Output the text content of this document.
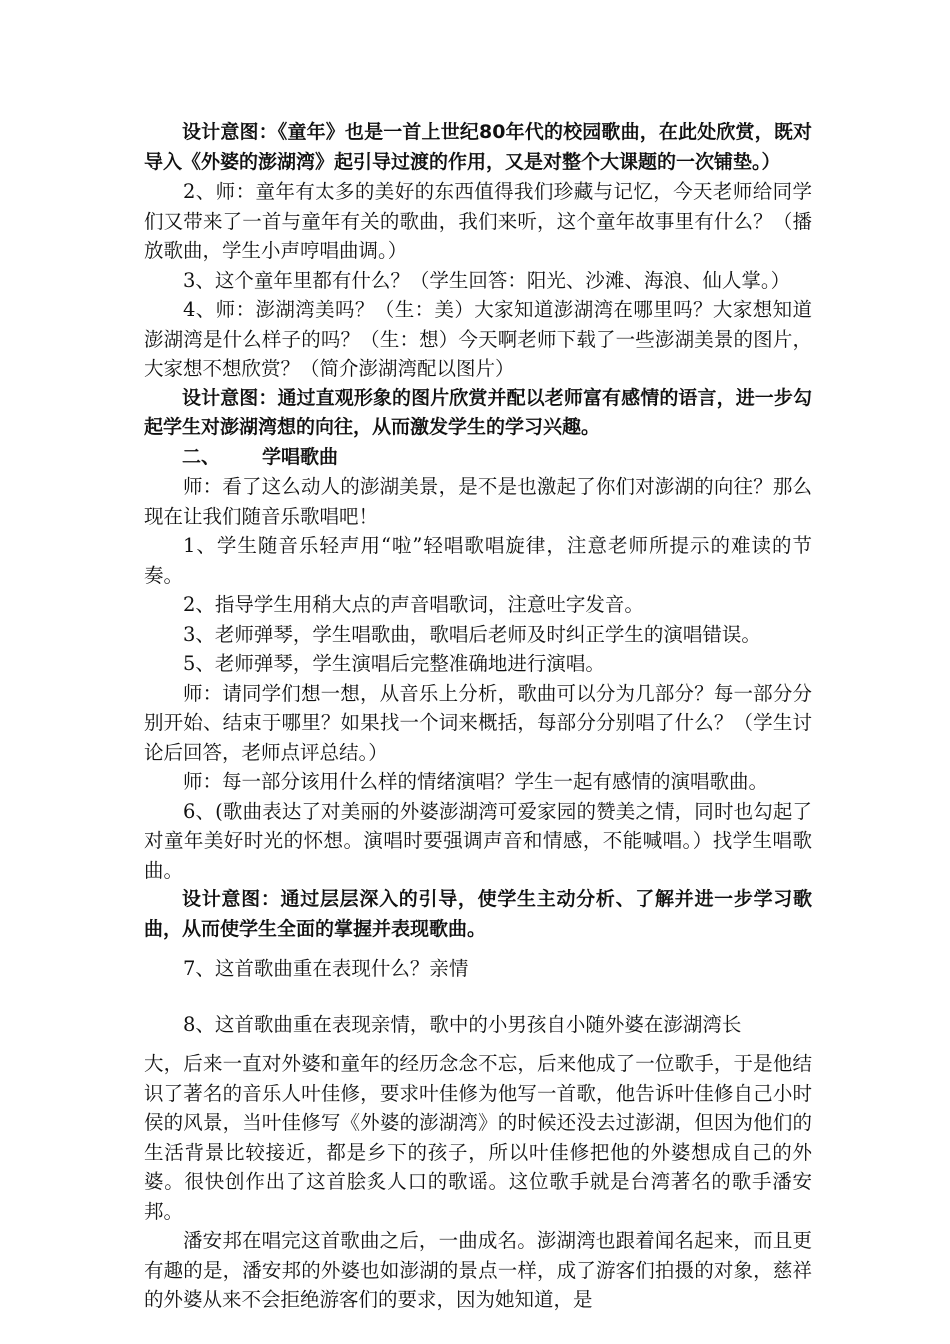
设计意图：《童年》也是一首上世纪80年代的校园歌曲，在此处欣赏，既对导入《外婆的澎湖湾》起引导过渡的作用，又是对整个大课题的一次铺垫。）

2、师：童年有太多的美好的东西值得我们珍藏与记忆，今天老师给同学们又带来了一首与童年有关的歌曲，我们来听，这个童年故事里有什么？（播放歌曲，学生小声哼唱曲调。）

3、这个童年里都有什么？（学生回答：阳光、沙滩、海浪、仙人掌。）

4、师：澎湖湾美吗？（生：美）大家知道澎湖湾在哪里吗？大家想知道澎湖湾是什么样子的吗？（生：想）今天啊老师下载了一些澎湖美景的图片，大家想不想欣赏？（简介澎湖湾配以图片）

设计意图：通过直观形象的图片欣赏并配以老师富有感情的语言，进一步勾起学生对澎湖湾想的向往，从而激发学生的学习兴趣。

二、 学唱歌曲

师：看了这么动人的澎湖美景，是不是也激起了你们对澎湖的向往？那么现在让我们随音乐歌唱吧！

1、学生随音乐轻声用“啦”轻唱歌唱旋律，注意老师所提示的难读的节奏。

2、指导学生用稍大点的声音唱歌词，注意吐字发音。

3、老师弹琴，学生唱歌曲，歌唱后老师及时纠正学生的演唱错误。

5、老师弹琴，学生演唱后完整准确地进行演唱。

师：请同学们想一想，从音乐上分析，歌曲可以分为几部分？每一部分分别开始、结束于哪里？如果找一个词来概括，每部分分别唱了什么？（学生讨论后回答，老师点评总结。）

师：每一部分该用什么样的情绪演唱？学生一起有感情的演唱歌曲。

6、(歌曲表达了对美丽的外婆澎湖湾可爱家园的赞美之情，同时也勾起了对童年美好时光的怀想。演唱时要强调声音和情感，不能喊唱。）找学生唱歌曲。

设计意图：通过层层深入的引导，使学生主动分析、了解并进一步学习歌曲，从而使学生全面的掌握并表现歌曲。

7、这首歌曲重在表现什么？亲情

8、这首歌曲重在表现亲情，歌中的小男孩自小随外婆在澎湖湾长

大，后来一直对外婆和童年的经历念念不忘，后来他成了一位歌手，于是他结识了著名的音乐人叶佳修，要求叶佳修为他写一首歌，他告诉叶佳修自己小时侯的风景，当叶佳修写《外婆的澎湖湾》的时候还没去过澎湖，但因为他们的生活背景比较接近，都是乡下的孩子，所以叶佳修把他的外婆想成自己的外婆。很快创作出了这首脍炙人口的歌谣。这位歌手就是台湾著名的歌手潘安邦。

潘安邦在唱完这首歌曲之后，一曲成名。澎湖湾也跟着闻名起来，而且更有趣的是，潘安邦的外婆也如澎湖的景点一样，成了游客们拍摄的对象，慈祥的外婆从来不会拒绝游客们的要求，因为她知道，是
